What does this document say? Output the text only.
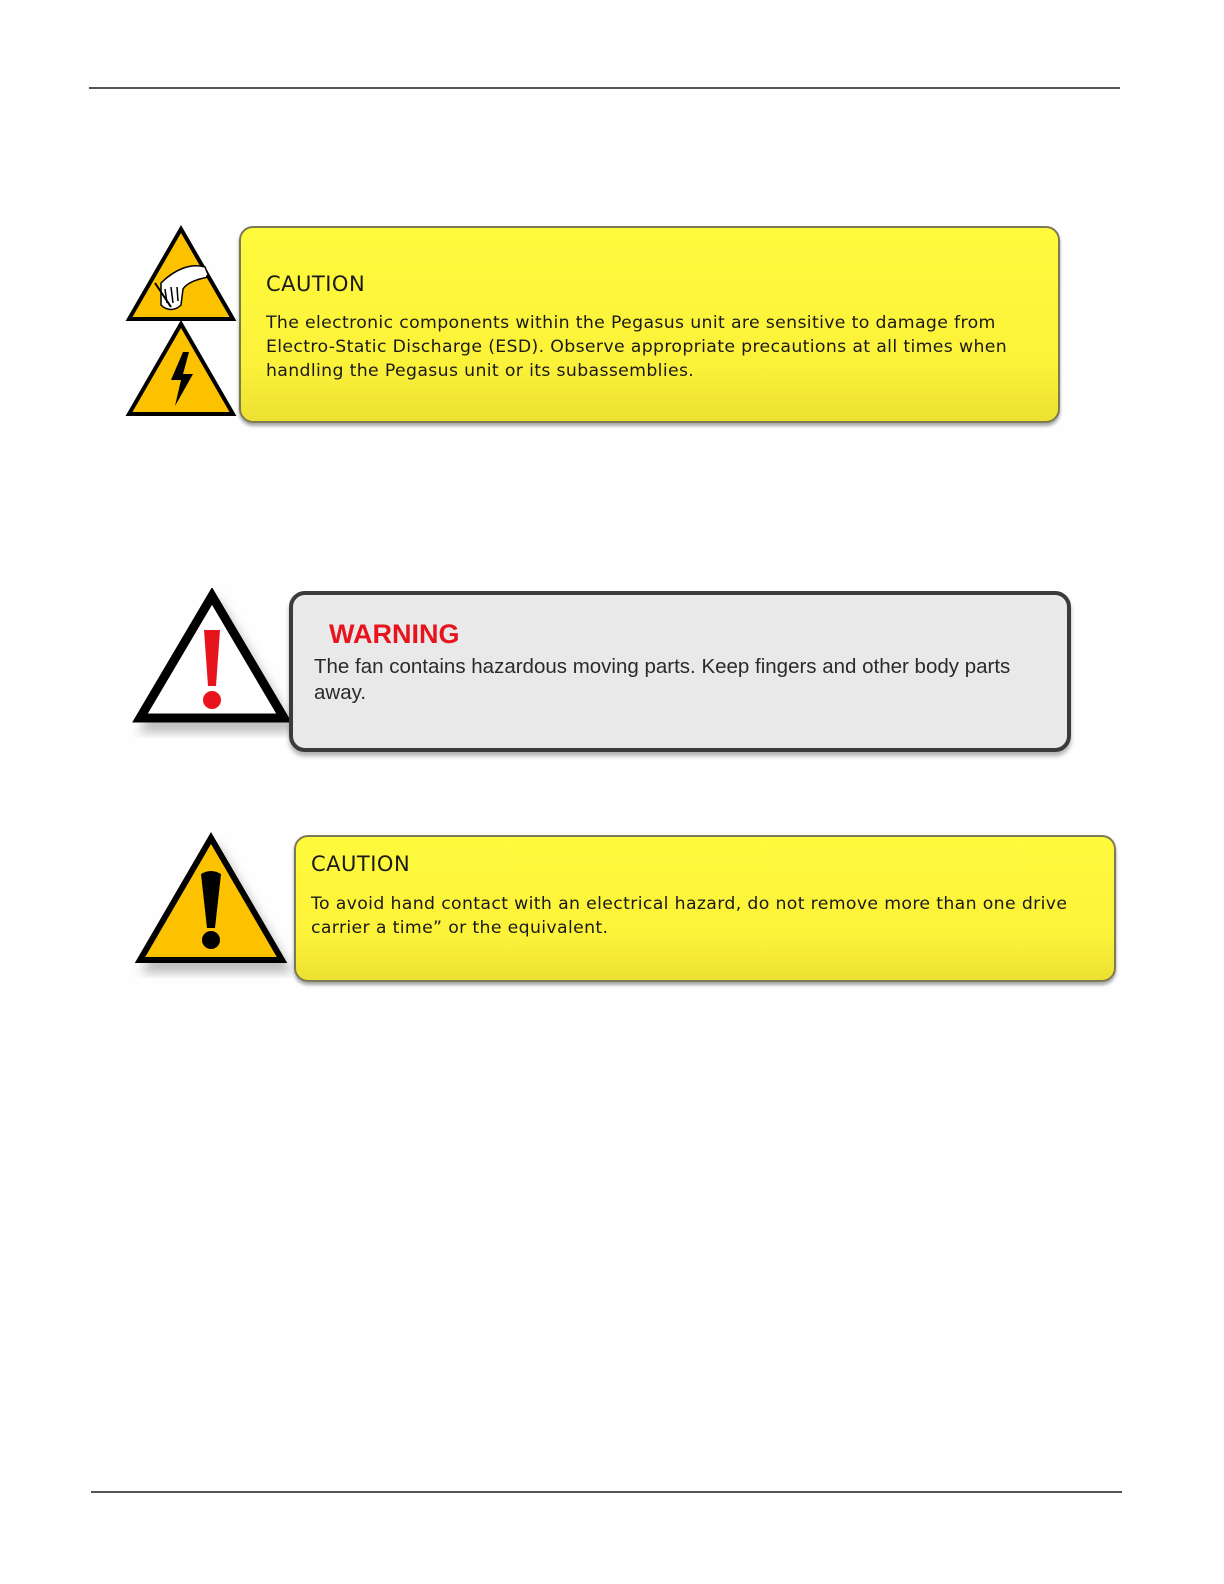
CAUTION
The electronic components within the Pegasus unit are sensitive to damage from Electro-Static Discharge (ESD). Observe appropriate precautions at all times when handling the Pegasus unit or its subassemblies.
WARNING
The fan contains hazardous moving parts. Keep fingers and other body parts away.
CAUTION
To avoid hand contact with an electrical hazard, do not remove more than one drive carrier a time” or the equivalent.
